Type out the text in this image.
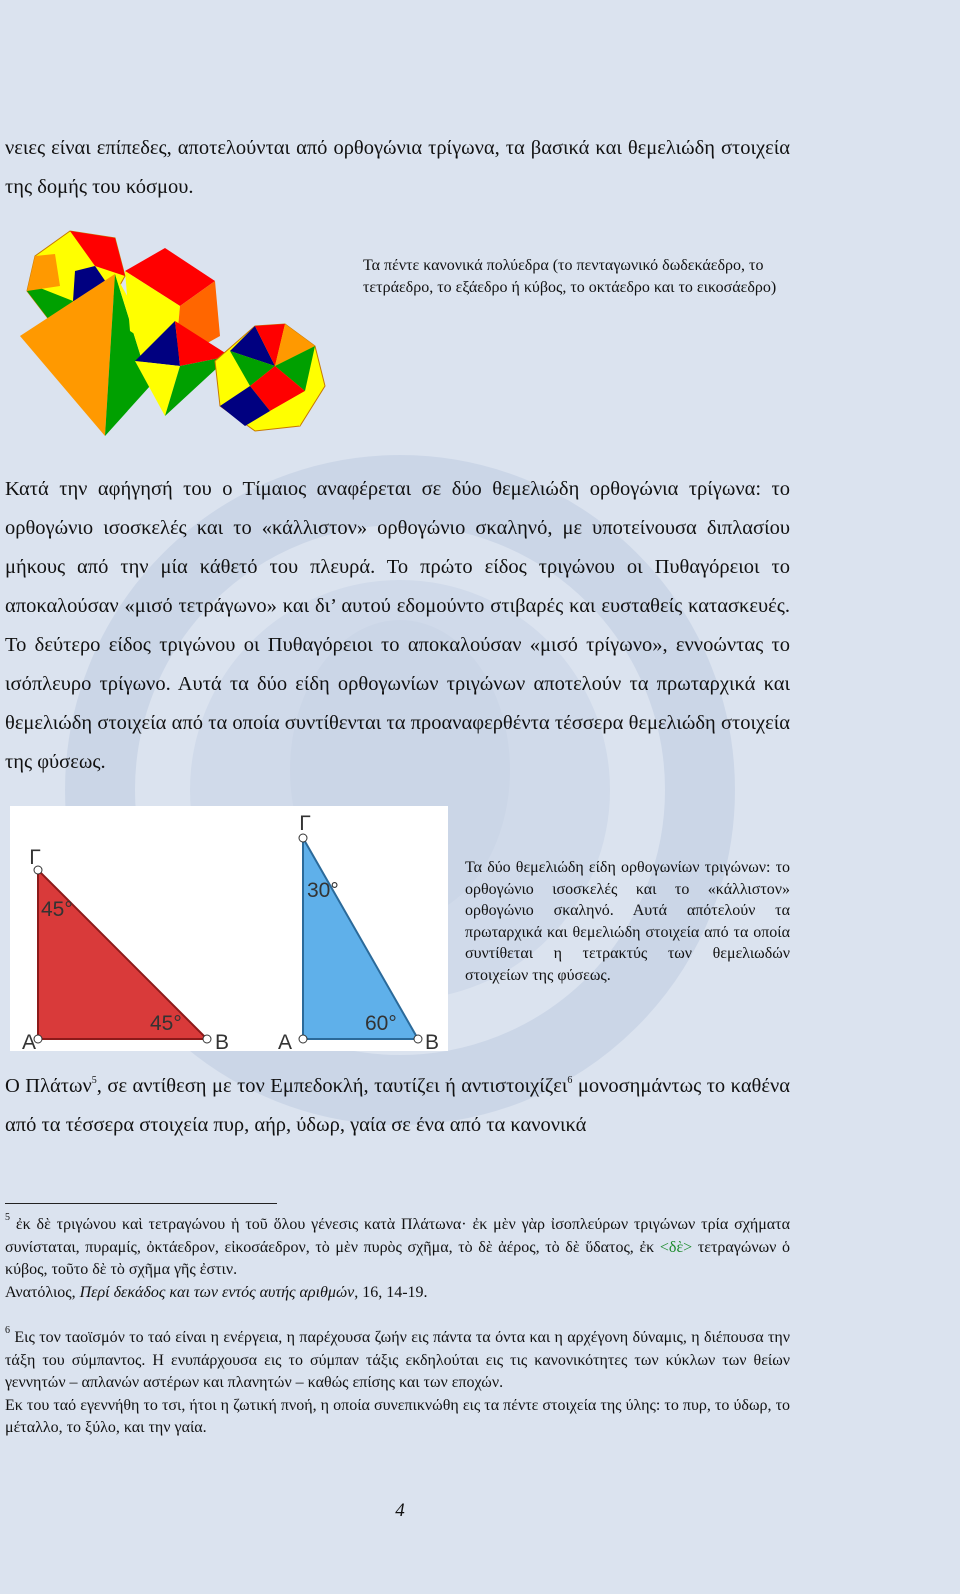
νειες είναι επίπεδες, αποτελούνται από ορθογώνια τρίγωνα, τα βασικά και θεμελιώδη στοιχεία της δομής του κόσμου.

Τα πέντε κανονικά πολύεδρα (το πενταγωνικό δωδεκάεδρο, το τετράεδρο, το εξάεδρο ή κύβος, το οκτάεδρο και το εικοσάεδρο)

Κατά την αφήγησή του ο Τίμαιος αναφέρεται σε δύο θεμελιώδη ορθογώνια τρίγωνα: το ορθογώνιο ισοσκελές και το «κάλλιστον» ορθογώνιο σκαληνό, με υποτείνουσα διπλασίου μήκους από την μία κάθετό του πλευρά. Το πρώτο είδος τριγώνου οι Πυθαγόρειοι το αποκαλούσαν «μισό τετράγωνο» και δι’ αυτού εδομούντο στιβαρές και ευσταθείς κατασκευές. Το δεύτερο είδος τριγώνου οι Πυθαγόρειοι το αποκαλούσαν «μισό τρίγωνο», εννοώντας το ισόπλευρο τρίγωνο. Αυτά τα δύο είδη ορθογωνίων τριγώνων αποτελούν τα πρωταρχικά και θεμελιώδη στοιχεία από τα οποία συντίθενται τα προαναφερθέντα τέσσερα θεμελιώδη στοιχεία της φύσεως.

Γ
Α	Β
45°
45°
Γ
Α	Β
30°
60°

Τα δύο θεμελιώδη είδη ορθογωνίων τριγώνων: το ορθογώνιο ισοσκελές και το «κάλλιστον» ορθογώνιο σκαληνό. Αυτά απότελούν τα πρωταρχικά και θεμελιώδη στοιχεία από τα οποία συντίθεται η τετρακτύς των θεμελιωδών στοιχείων της φύσεως.

Ο Πλάτων$^5$, σε αντίθεση με τον Εμπεδοκλή, ταυτίζει ή αντιστοιχίζει$^6$ μονοσημάντως το καθένα από τα τέσσερα στοιχεία πυρ, αήρ, ύδωρ, γαία σε ένα από τα κανονικά

$^5$ ἐκ δὲ τριγώνου καὶ τετραγώνου ἡ τοῦ ὅλου γένεσις κατὰ Πλάτωνα· ἐκ μὲν γὰρ ἰσοπλεύρων τριγώνων τρία σχήματα συνίσταται, πυραμίς, ὀκτάεδρον, εἰκοσάεδρον, τὸ μὲν πυρὸς σχῆμα, τὸ δὲ ἀέρος, τὸ δὲ ὕδατος, ἐκ <δὲ> τετραγώνων ὁ κύβος, τοῦτο δὲ τὸ σχῆμα γῆς ἐστιν.
Ανατόλιος, Περί δεκάδος και των εντός αυτής αριθμών, 16, 14-19.

$^6$ Εις τον ταοϊσμόν το ταό είναι η ενέργεια, η παρέχουσα ζωήν εις πάντα τα όντα και η αρχέγονη δύναμις, η διέπουσα την τάξη του σύμπαντος. Η ενυπάρχουσα εις το σύμπαν τάξις εκδηλούται εις τις κανονικότητες των κύκλων των θείων γεννητών – απλανών αστέρων και πλανητών – καθώς επίσης και των εποχών.
Εκ του ταό εγεννήθη το τσι, ήτοι η ζωτική πνοή, η οποία συνεπικνώθη εις τα πέντε στοιχεία της ύλης: το πυρ, το ύδωρ, το μέταλλο, το ξύλο, και την γαία.

4
